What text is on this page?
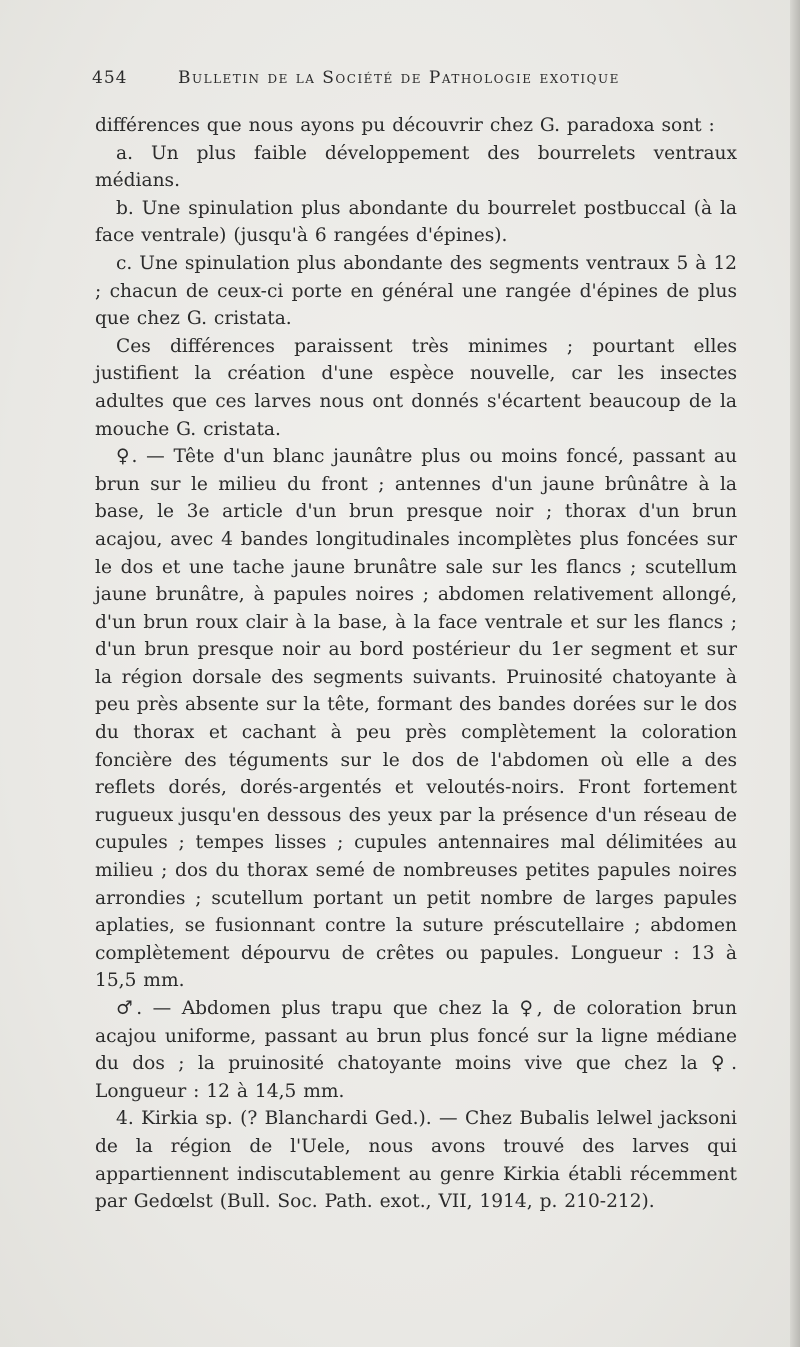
454	Bulletin de la Société de Pathologie exotique

différences que nous ayons pu découvrir chez G. paradoxa sont :

a. Un plus faible développement des bourrelets ventraux médians.

b. Une spinulation plus abondante du bourrelet postbuccal (à la face ventrale) (jusqu'à 6 rangées d'épines).

c. Une spinulation plus abondante des segments ventraux 5 à 12 ; chacun de ceux-ci porte en général une rangée d'épines de plus que chez G. cristata.

Ces différences paraissent très minimes ; pourtant elles justifient la création d'une espèce nouvelle, car les insectes adultes que ces larves nous ont donnés s'écartent beaucoup de la mouche G. cristata.

♀. — Tête d'un blanc jaunâtre plus ou moins foncé, passant au brun sur le milieu du front ; antennes d'un jaune brûnâtre à la base, le 3e article d'un brun presque noir ; thorax d'un brun acajou, avec 4 bandes longitudinales incomplètes plus foncées sur le dos et une tache jaune brunâtre sale sur les flancs ; scutellum jaune brunâtre, à papules noires ; abdomen relativement allongé, d'un brun roux clair à la base, à la face ventrale et sur les flancs ; d'un brun presque noir au bord postérieur du 1er segment et sur la région dorsale des segments suivants. Pruinosité chatoyante à peu près absente sur la tête, formant des bandes dorées sur le dos du thorax et cachant à peu près complètement la coloration foncière des téguments sur le dos de l'abdomen où elle a des reflets dorés, dorés-argentés et veloutés-noirs. Front fortement rugueux jusqu'en dessous des yeux par la présence d'un réseau de cupules ; tempes lisses ; cupules antennaires mal délimitées au milieu ; dos du thorax semé de nombreuses petites papules noires arrondies ; scutellum portant un petit nombre de larges papules aplaties, se fusionnant contre la suture préscutellaire ; abdomen complètement dépourvu de crêtes ou papules. Longueur : 13 à 15,5 mm.

♂. — Abdomen plus trapu que chez la ♀, de coloration brun acajou uniforme, passant au brun plus foncé sur la ligne médiane du dos ; la pruinosité chatoyante moins vive que chez la ♀. Longueur : 12 à 14,5 mm.

4. Kirkia sp. (? Blanchardi Ged.). — Chez Bubalis lelwel jacksoni de la région de l'Uele, nous avons trouvé des larves qui appartiennent indiscutablement au genre Kirkia établi récemment par Gedœlst (Bull. Soc. Path. exot., VII, 1914, p. 210-212).
